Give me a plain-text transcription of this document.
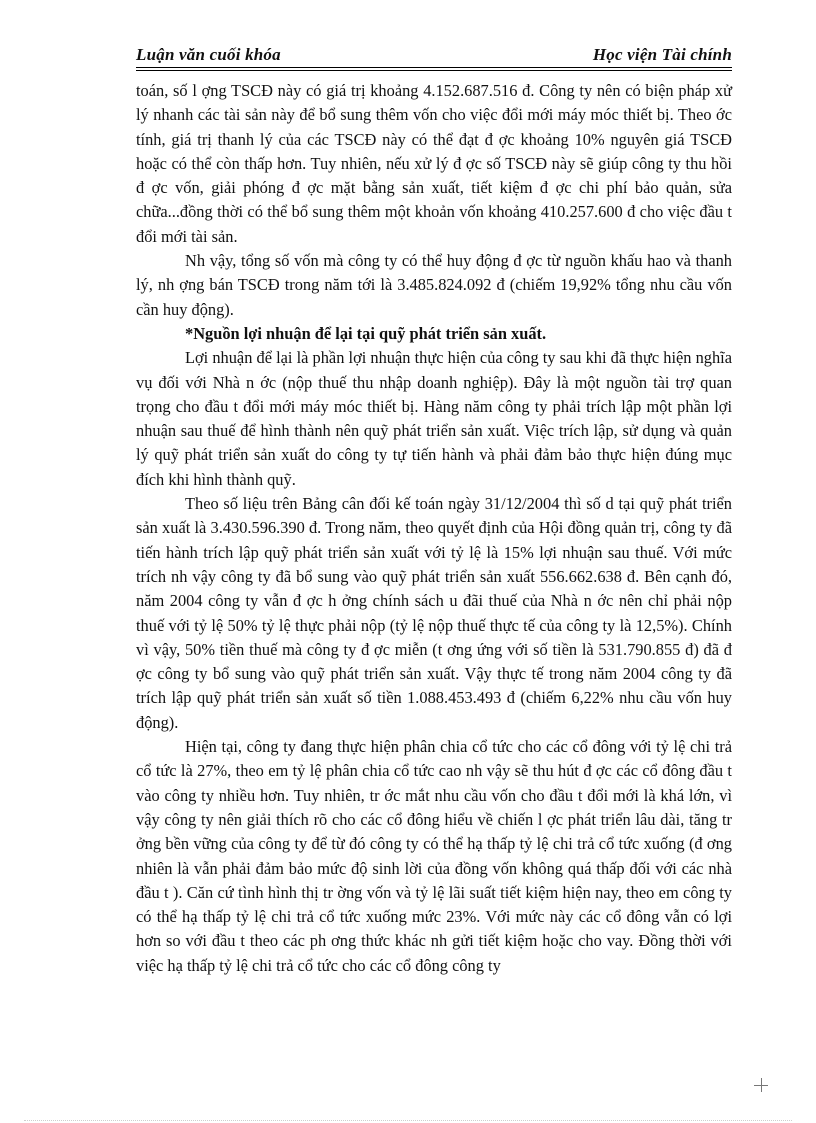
Luận văn cuối khóa	Học viện Tài chính

toán, số l ợng TSCĐ này có giá trị khoảng 4.152.687.516 đ. Công ty nên có biện pháp xử lý nhanh các tài sản này để bổ sung thêm vốn cho việc đổi mới máy móc thiết bị. Theo ớc tính, giá trị thanh lý của các TSCĐ này có thể đạt đ ợc khoảng 10% nguyên giá TSCĐ hoặc có thể còn thấp hơn. Tuy nhiên, nếu xử lý đ ợc số TSCĐ này sẽ giúp công ty thu hồi đ ợc vốn, giải phóng đ ợc mặt bằng sản xuất, tiết kiệm đ ợc chi phí bảo quản, sửa chữa...đồng thời có thể bổ sung thêm một khoản vốn khoảng 410.257.600 đ cho việc đầu t đổi mới tài sản.

Nh vậy, tổng số vốn mà công ty có thể huy động đ ợc từ nguồn khấu hao và thanh lý, nh ợng bán TSCĐ trong năm tới là 3.485.824.092 đ (chiếm 19,92% tổng nhu cầu vốn cần huy động).

*Nguồn lợi nhuận để lại tại quỹ phát triển sản xuất.

Lợi nhuận để lại là phần lợi nhuận thực hiện của công ty sau khi đã thực hiện nghĩa vụ đối với Nhà n ớc (nộp thuế thu nhập doanh nghiệp). Đây là một nguồn tài trợ quan trọng cho đầu t đổi mới máy móc thiết bị. Hàng năm công ty phải trích lập một phần lợi nhuận sau thuế để hình thành nên quỹ phát triển sản xuất. Việc trích lập, sử dụng và quản lý quỹ phát triển sản xuất do công ty tự tiến hành và phải đảm bảo thực hiện đúng mục đích khi hình thành quỹ.

Theo số liệu trên Bảng cân đối kế toán ngày 31/12/2004 thì số d tại quỹ phát triển sản xuất là 3.430.596.390 đ. Trong năm, theo quyết định của Hội đồng quản trị, công ty đã tiến hành trích lập quỹ phát triển sản xuất với tỷ lệ là 15% lợi nhuận sau thuế. Với mức trích nh vậy công ty đã bổ sung vào quỹ phát triển sản xuất 556.662.638 đ. Bên cạnh đó, năm 2004 công ty vẫn đ ợc h ởng chính sách u đãi thuế của Nhà n ớc nên chỉ phải nộp thuế với tỷ lệ 50% tỷ lệ thực phải nộp (tỷ lệ nộp thuế thực tế của công ty là 12,5%). Chính vì vậy, 50% tiền thuế mà công ty đ ợc miễn (t ơng ứng với số tiền là 531.790.855 đ) đã đ ợc công ty bổ sung vào quỹ phát triển sản xuất. Vậy thực tế trong năm 2004 công ty đã trích lập quỹ phát triển sản xuất số tiền 1.088.453.493 đ (chiếm 6,22% nhu cầu vốn huy động).

Hiện tại, công ty đang thực hiện phân chia cổ tức cho các cổ đông với tỷ lệ chi trả cổ tức là 27%, theo em tỷ lệ phân chia cổ tức cao nh vậy sẽ thu hút đ ợc các cổ đông đầu t vào công ty nhiều hơn. Tuy nhiên, tr ớc mắt nhu cầu vốn cho đầu t đổi mới là khá lớn, vì vậy công ty nên giải thích rõ cho các cổ đông hiểu về chiến l ợc phát triển lâu dài, tăng tr ởng bền vững của công ty để từ đó công ty có thể hạ thấp tỷ lệ chi trả cổ tức xuống (đ ơng nhiên là vẫn phải đảm bảo mức độ sinh lời của đồng vốn không quá thấp đối với các nhà đầu t ). Căn cứ tình hình thị tr ờng vốn và tỷ lệ lãi suất tiết kiệm hiện nay, theo em công ty có thể hạ thấp tỷ lệ chi trả cổ tức xuống mức 23%. Với mức này các cổ đông vẫn có lợi hơn so với đầu t theo các ph ơng thức khác nh gửi tiết kiệm hoặc cho vay. Đồng thời với việc hạ thấp tỷ lệ chi trả cổ tức cho các cổ đông công ty
